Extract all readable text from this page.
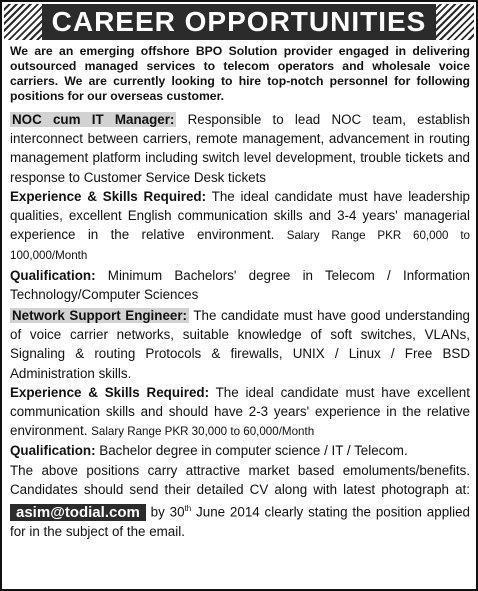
CAREER OPPORTUNITIES
We are an emerging offshore BPO Solution provider engaged in delivering outsourced managed services to telecom operators and wholesale voice carriers. We are currently looking to hire top-notch personnel for following positions for our overseas customer.

NOC cum IT Manager: Responsible to lead NOC team, establish interconnect between carriers, remote management, advancement in routing management platform including switch level development, trouble tickets and response to Customer Service Desk tickets

Experience & Skills Required: The ideal candidate must have leadership qualities, excellent English communication skills and 3-4 years' managerial experience in the relative environment. Salary Range PKR 60,000 to 100,000/Month

Qualification: Minimum Bachelors' degree in Telecom / Information Technology/Computer Sciences

Network Support Engineer: The candidate must have good understanding of voice carrier networks, suitable knowledge of soft switches, VLANs, Signaling & routing Protocols & firewalls, UNIX / Linux / Free BSD Administration skills.

Experience & Skills Required: The ideal candidate must have excellent communication skills and should have 2-3 years' experience in the relative environment. Salary Range PKR 30,000 to 60,000/Month

Qualification: Bachelor degree in computer science / IT / Telecom.

The above positions carry attractive market based emoluments/benefits. Candidates should send their detailed CV along with latest photograph at: asim@todial.com by 30th June 2014 clearly stating the position applied for in the subject of the email.
